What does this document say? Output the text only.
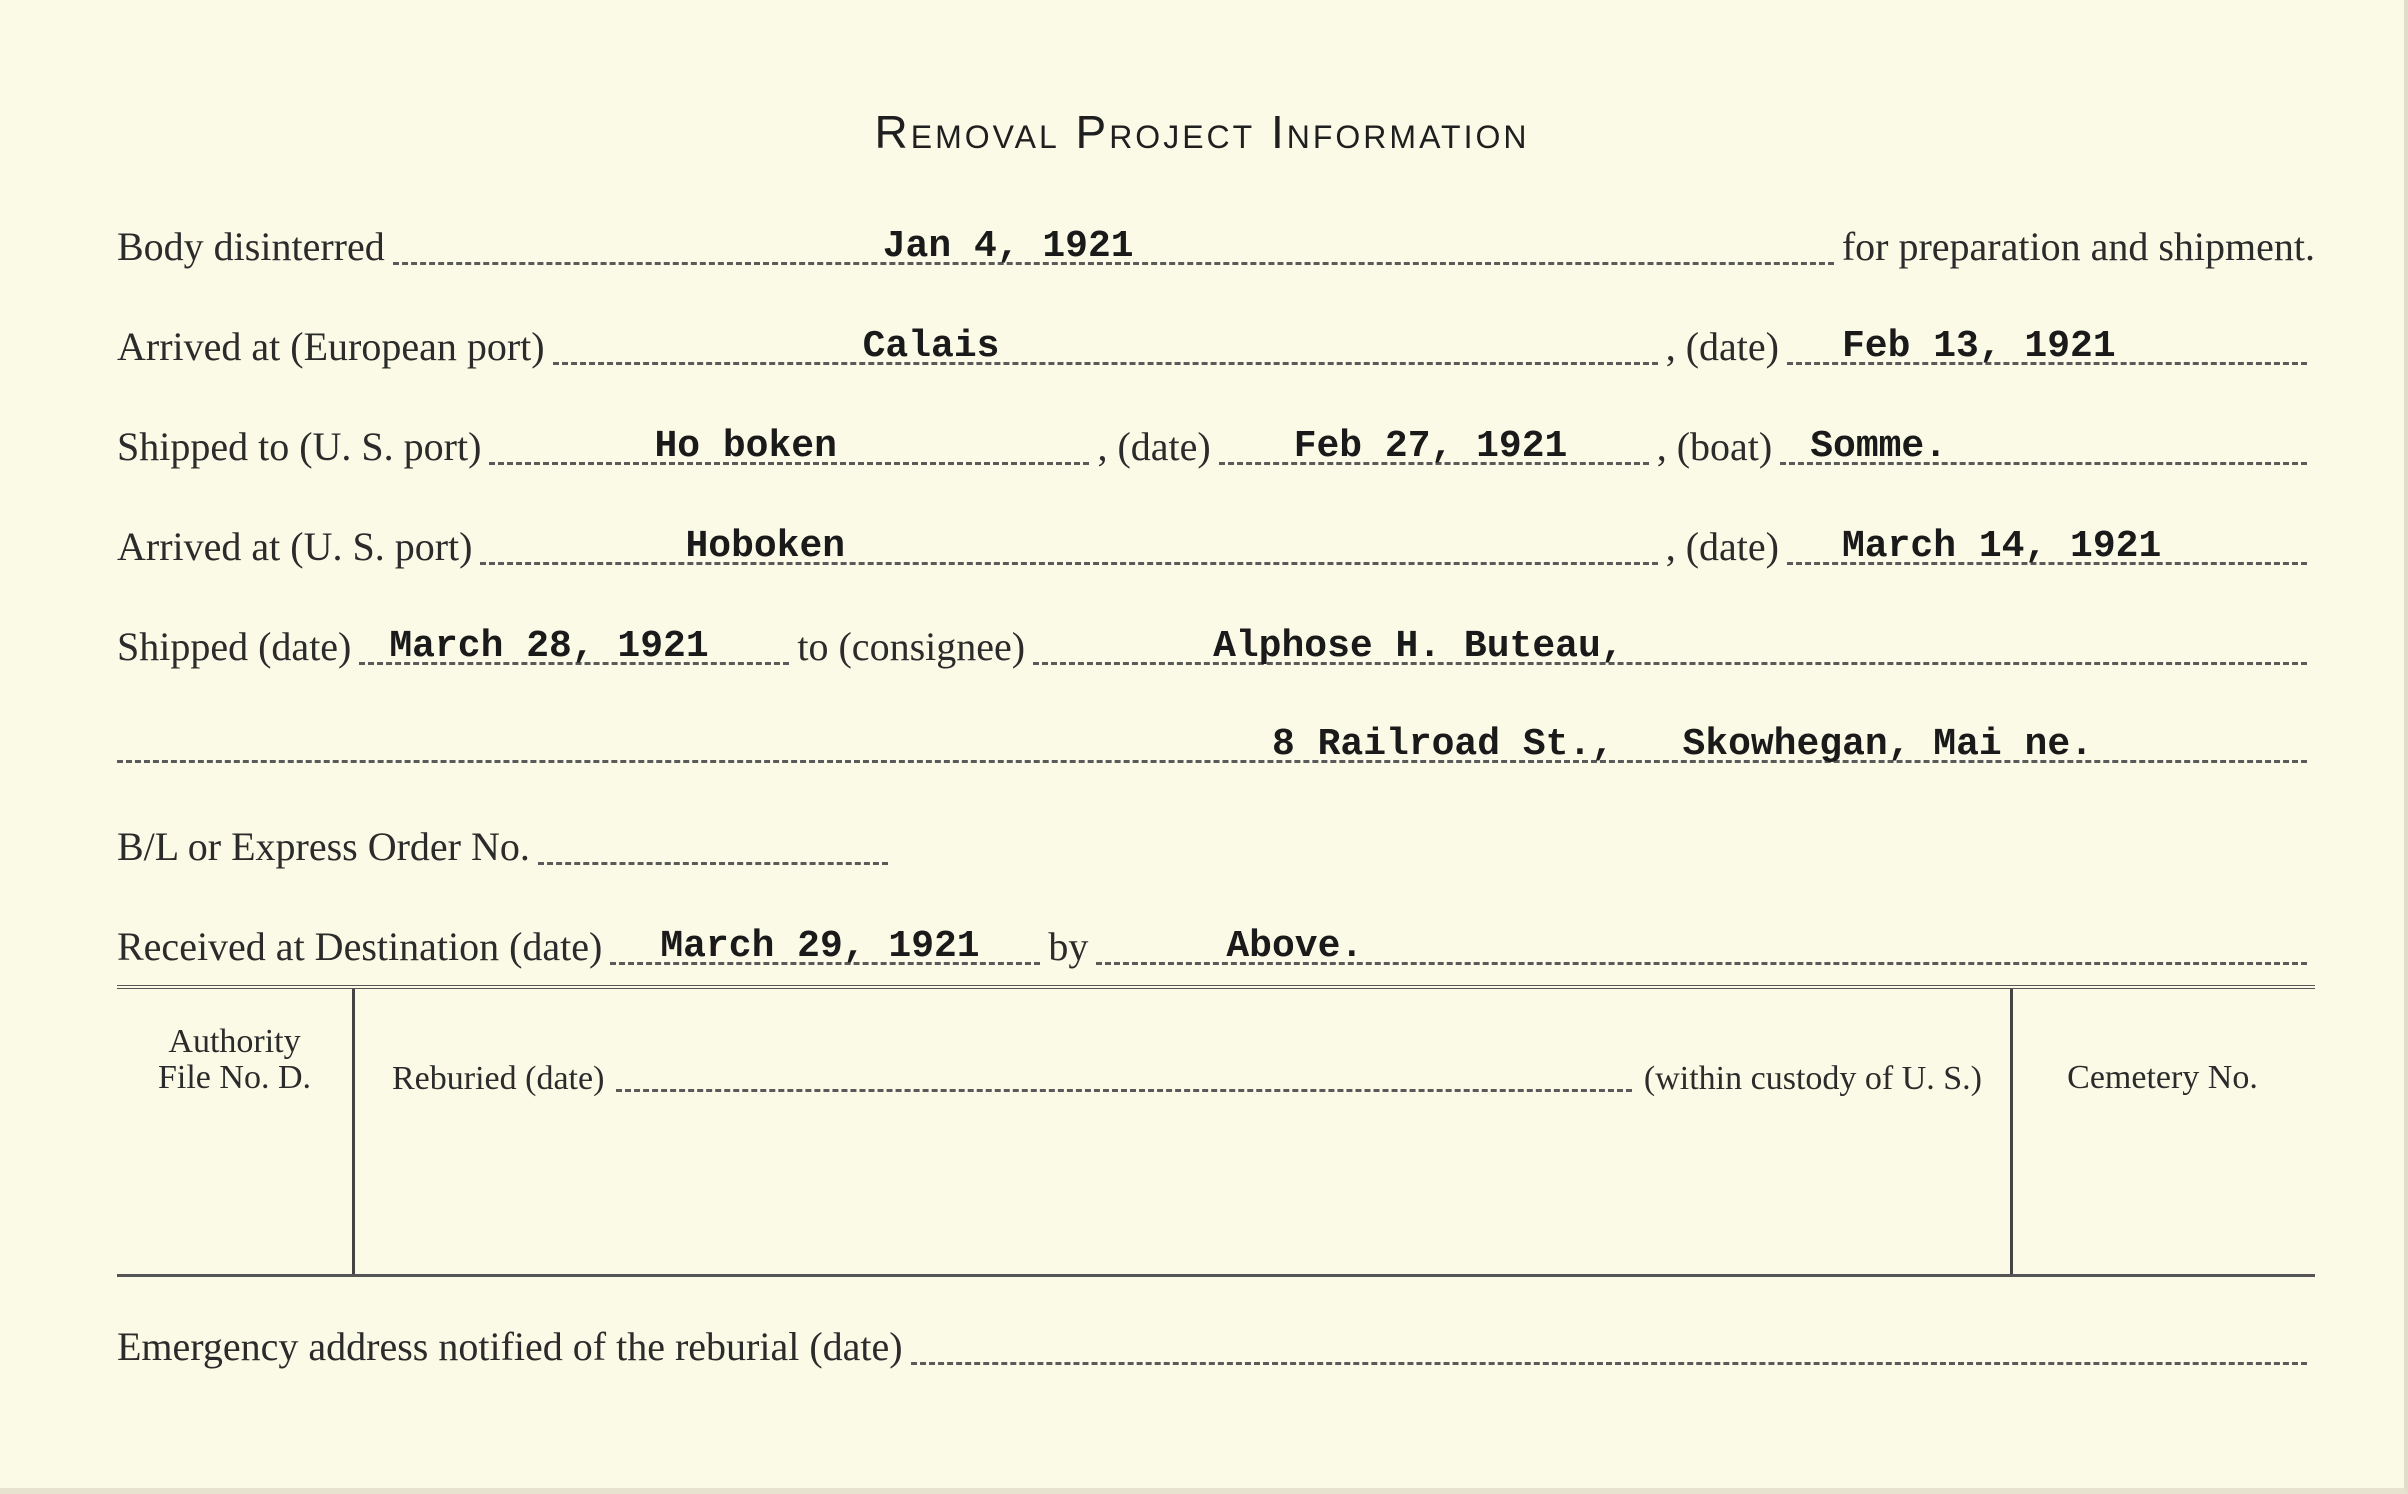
Removal Project Information
Body disinterred	Jan 4, 1921	for preparation and shipment.
Arrived at (European port)	Calais	, (date) Feb 13, 1921
Shipped to (U. S. port)	Ho boken	, (date) Feb 27, 1921	, (boat) Somme.
Arrived at (U. S. port)	Hoboken	, (date) March 14, 1921
Shipped (date) March 28, 1921	to (consignee)	Alphose H. Buteau,
8 Railroad St.,   Skowhegan, Mai ne.
B/L or Express Order No.
Received at Destination (date) March 29, 1921	by	Above.
Authority
File No. D.	Reburied (date)	(within custody of U. S.)	Cemetery No.
Emergency address notified of the reburial (date)
